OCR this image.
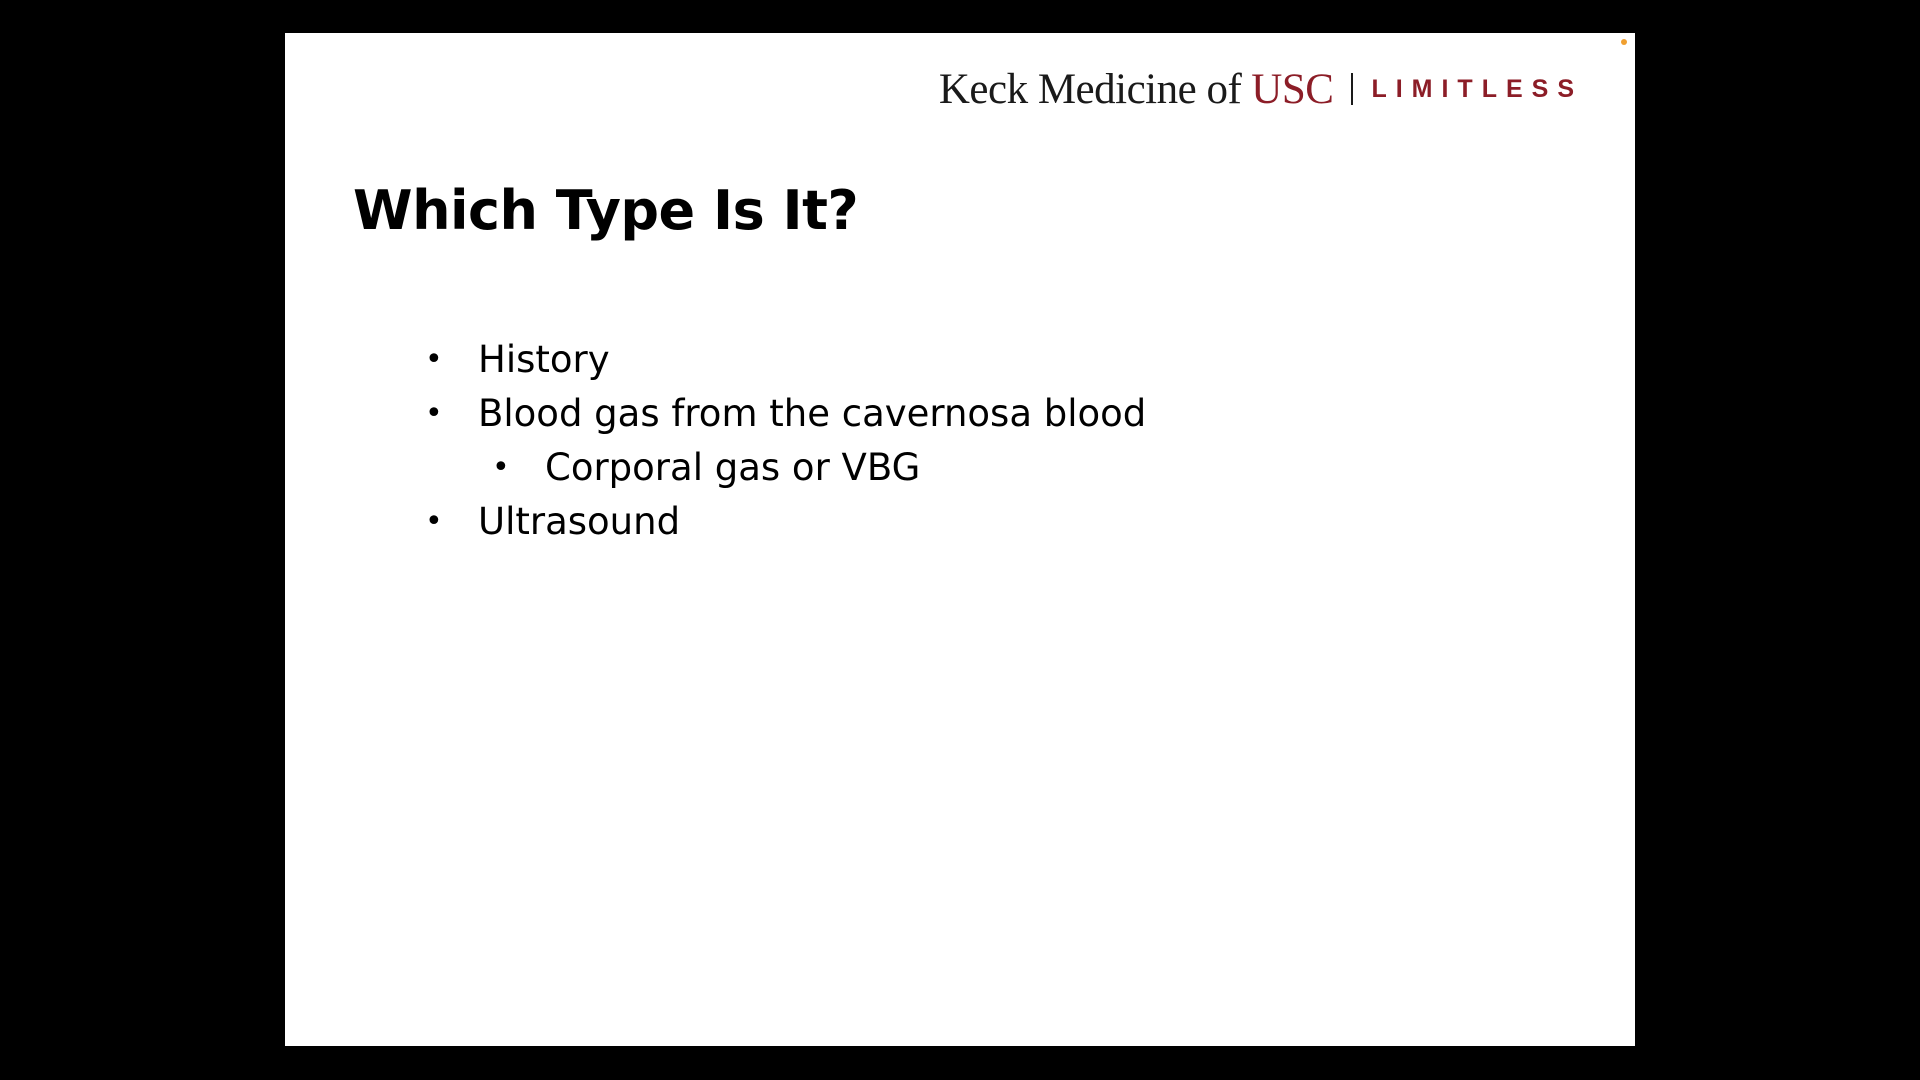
Keck Medicine of USC LIMITLESS
Which Type Is It?
• History
• Blood gas from the cavernosa blood
• Corporal gas or VBG
• Ultrasound
